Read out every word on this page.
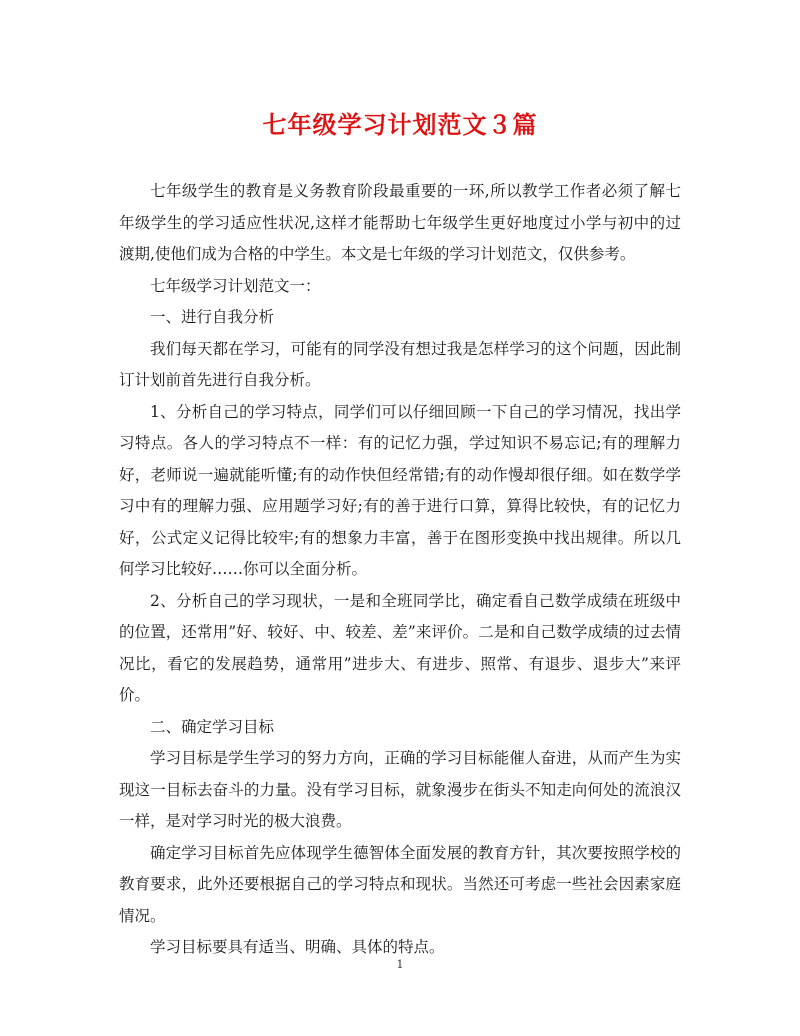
七年级学习计划范文３篇

七年级学生的教育是义务教育阶段最重要的一环,所以教学工作者必须了解七年级学生的学习适应性状况,这样才能帮助七年级学生更好地度过小学与初中的过渡期,使他们成为合格的中学生。本文是七年级的学习计划范文，仅供参考。

七年级学习计划范文一：

一、进行自我分析

我们每天都在学习，可能有的同学没有想过我是怎样学习的这个问题，因此制订计划前首先进行自我分析。

1、分析自己的学习特点，同学们可以仔细回顾一下自己的学习情况，找出学习特点。各人的学习特点不一样：有的记忆力强，学过知识不易忘记;有的理解力好，老师说一遍就能听懂;有的动作快但经常错;有的动作慢却很仔细。如在数学学习中有的理解力强、应用题学习好;有的善于进行口算，算得比较快，有的记忆力好，公式定义记得比较牢;有的想象力丰富，善于在图形变换中找出规律。所以几何学习比较好……你可以全面分析。

2、分析自己的学习现状，一是和全班同学比，确定看自己数学成绩在班级中的位置，还常用”好、较好、中、较差、差”来评价。二是和自己数学成绩的过去情况比，看它的发展趋势，通常用”进步大、有进步、照常、有退步、退步大”来评价。

二、确定学习目标

学习目标是学生学习的努力方向，正确的学习目标能催人奋进，从而产生为实现这一目标去奋斗的力量。没有学习目标，就象漫步在街头不知走向何处的流浪汉一样，是对学习时光的极大浪费。

确定学习目标首先应体现学生德智体全面发展的教育方针，其次要按照学校的教育要求，此外还要根据自己的学习特点和现状。当然还可考虑一些社会因素家庭情况。

学习目标要具有适当、明确、具体的特点。

1
